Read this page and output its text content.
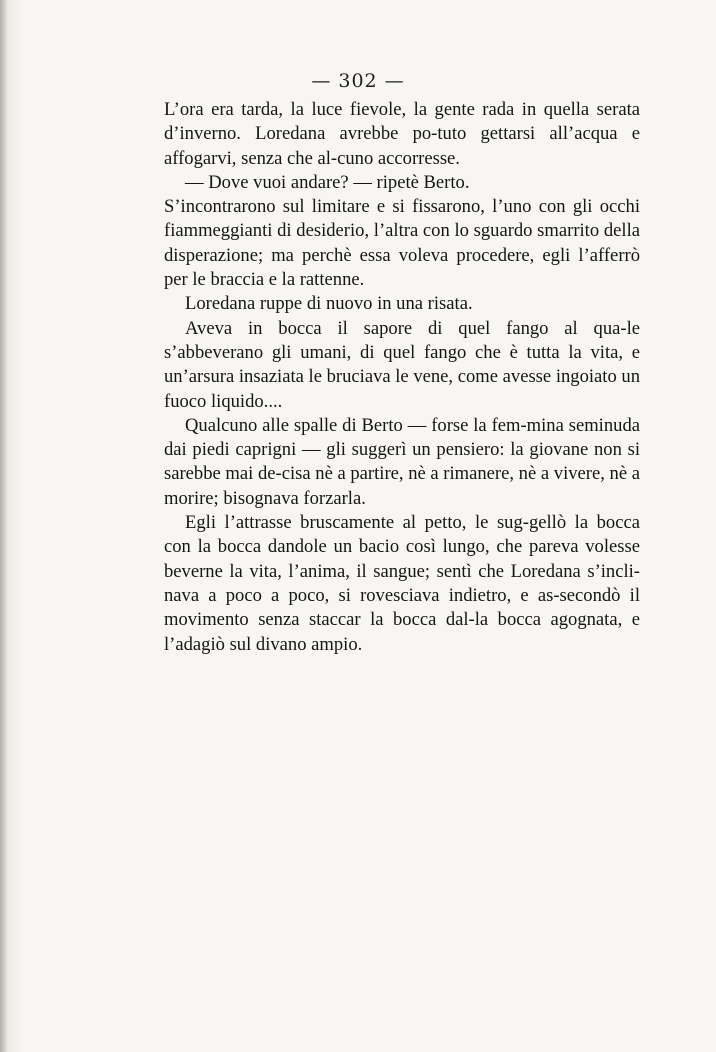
— 302 —

L’ora era tarda, la luce fievole, la gente rada in quella serata d’inverno. Loredana avrebbe po-tuto gettarsi all’acqua e affogarvi, senza che al-cuno accorresse.

— Dove vuoi andare? — ripetè Berto.

S’incontrarono sul limitare e si fissarono, l’uno con gli occhi fiammeggianti di desiderio, l’altra con lo sguardo smarrito della disperazione; ma perchè essa voleva procedere, egli l’afferrò per le braccia e la rattenne.

Loredana ruppe di nuovo in una risata.

Aveva in bocca il sapore di quel fango al qua-le s’abbeverano gli umani, di quel fango che è tutta la vita, e un’arsura insaziata le bruciava le vene, come avesse ingoiato un fuoco liquido....

Qualcuno alle spalle di Berto — forse la fem-mina seminuda dai piedi caprigni — gli suggerì un pensiero: la giovane non si sarebbe mai de-cisa nè a partire, nè a rimanere, nè a vivere, nè a morire; bisognava forzarla.

Egli l’attrasse bruscamente al petto, le sug-gellò la bocca con la bocca dandole un bacio così lungo, che pareva volesse beverne la vita, l’anima, il sangue; sentì che Loredana s’incli-nava a poco a poco, si rovesciava indietro, e as-secondò il movimento senza staccar la bocca dal-la bocca agognata, e l’adagiò sul divano ampio.
